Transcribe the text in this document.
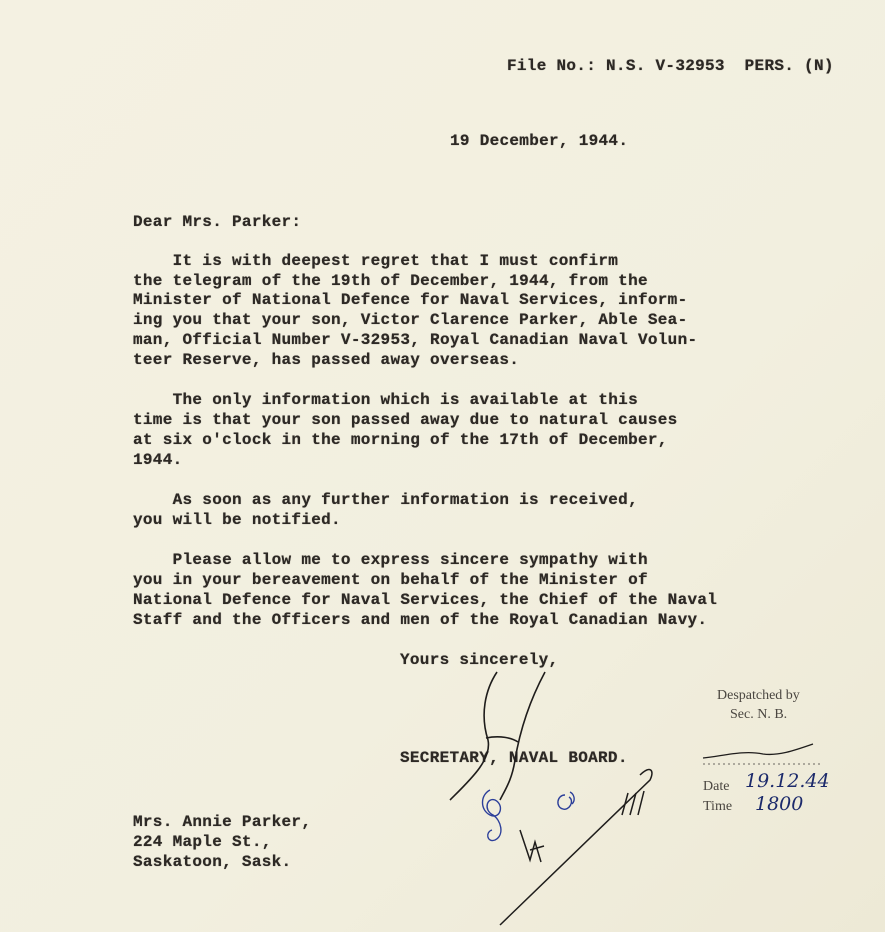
File No.: N.S. V-32953  PERS. (N)
19 December, 1944.
Dear Mrs. Parker:
It is with deepest regret that I must confirm
the telegram of the 19th of December, 1944, from the
Minister of National Defence for Naval Services, inform-
ing you that your son, Victor Clarence Parker, Able Sea-
man, Official Number V-32953, Royal Canadian Naval Volun-
teer Reserve, has passed away overseas.
The only information which is available at this
time is that your son passed away due to natural causes
at six o'clock in the morning of the 17th of December,
1944.
As soon as any further information is received,
you will be notified.
Please allow me to express sincere sympathy with
you in your bereavement on behalf of the Minister of
National Defence for Naval Services, the Chief of the Naval
Staff and the Officers and men of the Royal Canadian Navy.
Yours sincerely,
SECRETARY, NAVAL BOARD.
Mrs. Annie Parker,
224 Maple St.,
Saskatoon, Sask.
Despatched by
Sec. N. B.
Date 19.12.44
Time 1800
